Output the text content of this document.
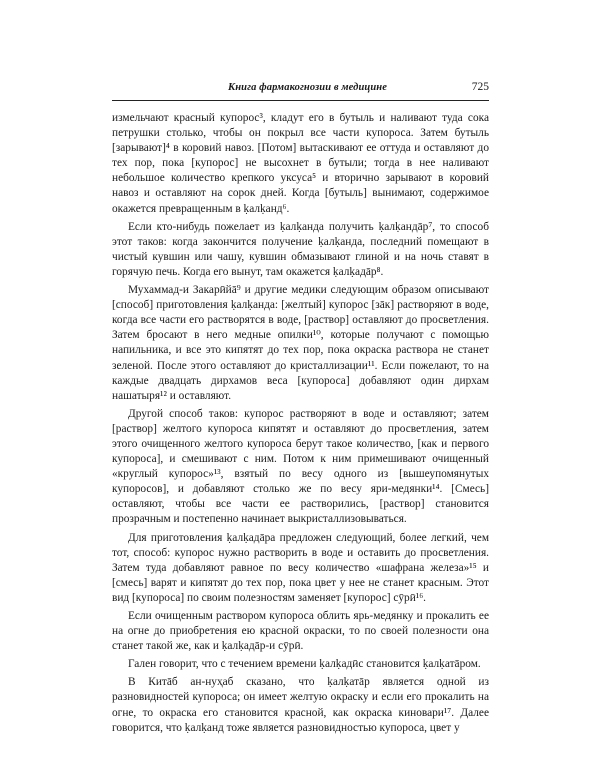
Книга фармакогнозии в медицине	725

измельчают красный купорос³, кладут его в бутыль и наливают туда сока петрушки столько, чтобы он покрыл все части купороса. Затем бутыль [зарывают]⁴ в коровий навоз. [Потом] вытаскивают ее оттуда и оставляют до тех пор, пока [купорос] не высохнет в бутыли; тогда в нее наливают небольшое количество крепкого уксуса⁵ и вторично зарывают в коровий навоз и оставляют на сорок дней. Когда [бутыль] вынимают, содержимое окажется превращенным в ḳалḳанд⁶.

Если кто-нибудь пожелает из ḳалḳанда получить ḳалḳандāр⁷, то способ этот таков: когда закончится получение ḳалḳанда, последний помещают в чистый кувшин или чашу, кувшин обмазывают глиной и на ночь ставят в горячую печь. Когда его вынут, там окажется ḳалḳадāр⁸.

Мухаммад-и Закарӣйā⁹ и другие медики следующим образом описывают [способ] приготовления ḳалḳанда: [желтый] купорос [зāк] растворяют в воде, когда все части его растворятся в воде, [раствор] оставляют до просветления. Затем бросают в него медные опилки¹⁰, которые получают с помощью напильника, и все это кипятят до тех пор, пока окраска раствора не станет зеленой. После этого оставляют до кристаллизации¹¹. Если пожелают, то на каждые двадцать дирхамов веса [купороса] добавляют один дирхам нашатыря¹² и оставляют.

Другой способ таков: купорос растворяют в воде и оставляют; затем [раствор] желтого купороса кипятят и оставляют до просветления, затем этого очищенного желтого купороса берут такое количество, [как и первого купороса], и смешивают с ним. Потом к ним примешивают очищенный «круглый купорос»¹³, взятый по весу одного из [вышеупомянутых купоросов], и добавляют столько же по весу яри-медянки¹⁴. [Смесь] оставляют, чтобы все части ее растворились, [раствор] становится прозрачным и постепенно начинает выкристаллизовываться.

Для приготовления ḳалḳадāра предложен следующий, более легкий, чем тот, способ: купорос нужно растворить в воде и оставить до просветления. Затем туда добавляют равное по весу количество «шафрана железа»¹⁵ и [смесь] варят и кипятят до тех пор, пока цвет у нее не станет красным. Этот вид [купороса] по своим полезностям заменяет [купорос] сӯрӣ¹⁶.

Если очищенным раствором купороса облить ярь-медянку и прокалить ее на огне до приобретения ею красной окраски, то по своей полезности она станет такой же, как и ḳалḳадāр-и сӯрӣ.

Гален говорит, что с течением времени ḳалḳадӣс становится ḳалḳатāром.

В Китāб ан-нуҳаб сказано, что ḳалḳатāр является одной из разновидностей купороса; он имеет желтую окраску и если его прокалить на огне, то окраска его становится красной, как окраска киновари¹⁷. Далее говорится, что ḳалḳанд тоже является разновидностью купороса, цвет у
